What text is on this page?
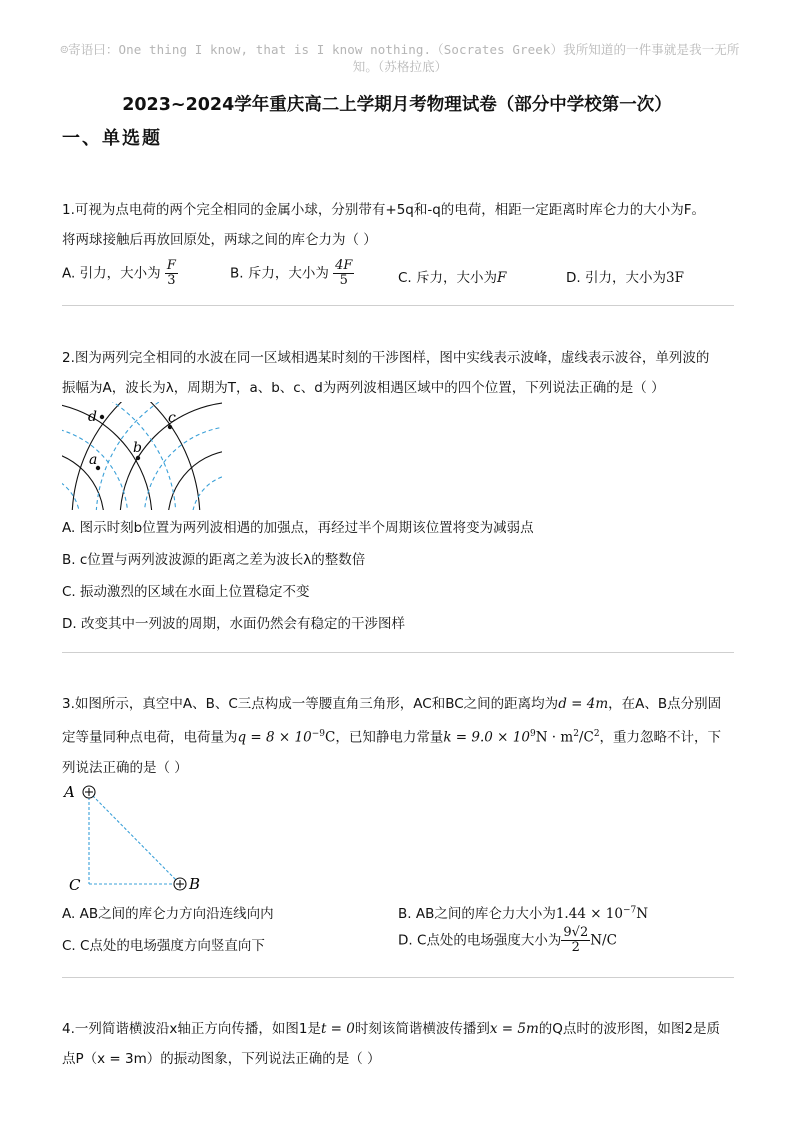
☺寄语曰：One thing I know, that is I know nothing.（Socrates Greek）我所知道的一件事就是我一无所
知。（苏格拉底）
2023~2024学年重庆高二上学期月考物理试卷（部分中学校第一次）
一、单选题
1.可视为点电荷的两个完全相同的金属小球，分别带有+5q和-q的电荷，相距一定距离时库仑力的大小为F。
将两球接触后再放回原处，两球之间的库仑力为（ ）
A. 引力，大小为 $\frac{F}{3}$	B. 斥力，大小为 $\frac{4F}{5}$	C. 斥力，大小为F	D. 引力，大小为3F
2.图为两列完全相同的水波在同一区域相遇某时刻的干涉图样，图中实线表示波峰，虚线表示波谷，单列波的
振幅为A，波长为λ，周期为T，a、b、c、d为两列波相遇区域中的四个位置，下列说法正确的是（ ）
d	c
b
a
A. 图示时刻b位置为两列波相遇的加强点，再经过半个周期该位置将变为减弱点
B. c位置与两列波波源的距离之差为波长λ的整数倍
C. 振动激烈的区域在水面上位置稳定不变
D. 改变其中一列波的周期，水面仍然会有稳定的干涉图样
3.如图所示，真空中A、B、C三点构成一等腰直角三角形，AC和BC之间的距离均为d = 4m，在A、B点分别固
定等量同种点电荷，电荷量为$q = 8 \times 10^{-9}C$，已知静电力常量$k = 9.0 \times 10^9N \cdot m^2/C^2$，重力忽略不计，下
列说法正确的是（ ）
A
B
C
A. AB之间的库仑力方向沿连线向内	B. AB之间的库仑力大小为$1.44 \times 10^{-7}N$
C. C点处的电场强度方向竖直向下	D. C点处的电场强度大小为 $\frac{9√2}{2} N/C$
4.一列简谐横波沿x轴正方向传播，如图1是t = 0时刻该简谐横波传播到x = 5m的Q点时的波形图，如图2是质
点P（x = 3m）的振动图象，下列说法正确的是（ ）
